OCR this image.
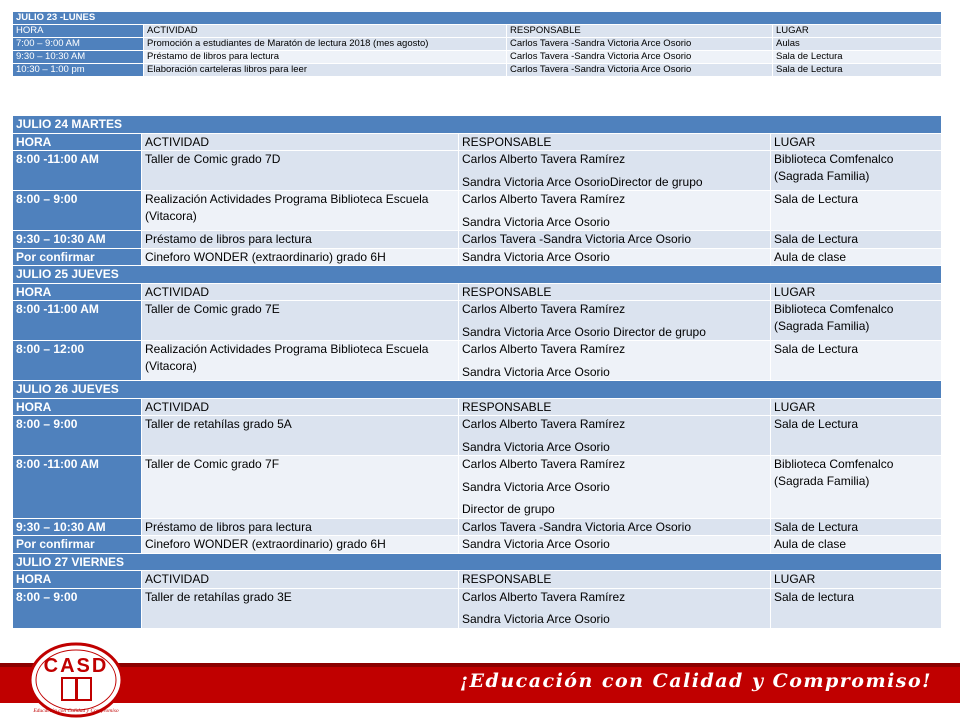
JULIO 23 -LUNES			
HORA	ACTIVIDAD	RESPONSABLE	LUGAR
7:00 – 9:00 AM	Promoción a estudiantes de Maratón de lectura 2018 (mes agosto)	Carlos Tavera -Sandra Victoria Arce Osorio	Aulas

9:30 – 10:30 AM	Préstamo de libros para lectura	Carlos Tavera -Sandra Victoria Arce Osorio	Sala de Lectura

10:30 – 1:00 pm	Elaboración carteleras libros para leer	Carlos Tavera -Sandra Victoria Arce Osorio	Sala de Lectura
JULIO 24 MARTES			
HORA	ACTIVIDAD	RESPONSABLE	LUGAR
8:00 -11:00 AM	Taller de Comic grado 7D	Carlos Alberto Tavera Ramírez
Sandra Victoria Arce OsorioDirector de grupo	Biblioteca Comfenalco (Sagrada Familia)

8:00 – 9:00	Realización Actividades Programa Biblioteca Escuela (Vitacora)	Carlos Alberto Tavera Ramírez
Sandra Victoria Arce Osorio	Sala de Lectura

9:30 – 10:30 AM	Préstamo de libros para lectura	Carlos Tavera -Sandra Victoria Arce Osorio	Sala de Lectura

Por confirmar	Cineforo WONDER (extraordinario) grado 6H	Sandra Victoria Arce Osorio	Aula de clase

JULIO 25 JUEVES			
HORA	ACTIVIDAD	RESPONSABLE	LUGAR
8:00 -11:00 AM	Taller de Comic grado 7E	Carlos Alberto Tavera Ramírez
Sandra Victoria Arce Osorio Director de grupo	Biblioteca Comfenalco (Sagrada Familia)

8:00 – 12:00	Realización Actividades Programa Biblioteca Escuela (Vitacora)	Carlos Alberto Tavera Ramírez
Sandra Victoria Arce Osorio	Sala de Lectura

JULIO 26 JUEVES			
HORA	ACTIVIDAD	RESPONSABLE	LUGAR
8:00 – 9:00	Taller de retahílas grado 5A	Carlos Alberto Tavera Ramírez
Sandra Victoria Arce Osorio	Sala de Lectura

8:00 -11:00 AM	Taller de Comic grado 7F	Carlos Alberto Tavera Ramírez
Sandra Victoria Arce Osorio
Director de grupo	Biblioteca Comfenalco (Sagrada Familia)

9:30 – 10:30 AM	Préstamo de libros para lectura	Carlos Tavera -Sandra Victoria Arce Osorio	Sala de Lectura

Por confirmar	Cineforo WONDER (extraordinario) grado 6H	Sandra Victoria Arce Osorio	Aula de clase

JULIO 27 VIERNES			
HORA	ACTIVIDAD	RESPONSABLE	LUGAR
8:00 – 9:00	Taller de retahílas grado 3E	Carlos Alberto Tavera Ramírez
Sandra Victoria Arce Osorio	Sala de lectura
¡Educación con Calidad y Compromiso!
CASD
Educación con Calidad y Compromiso
